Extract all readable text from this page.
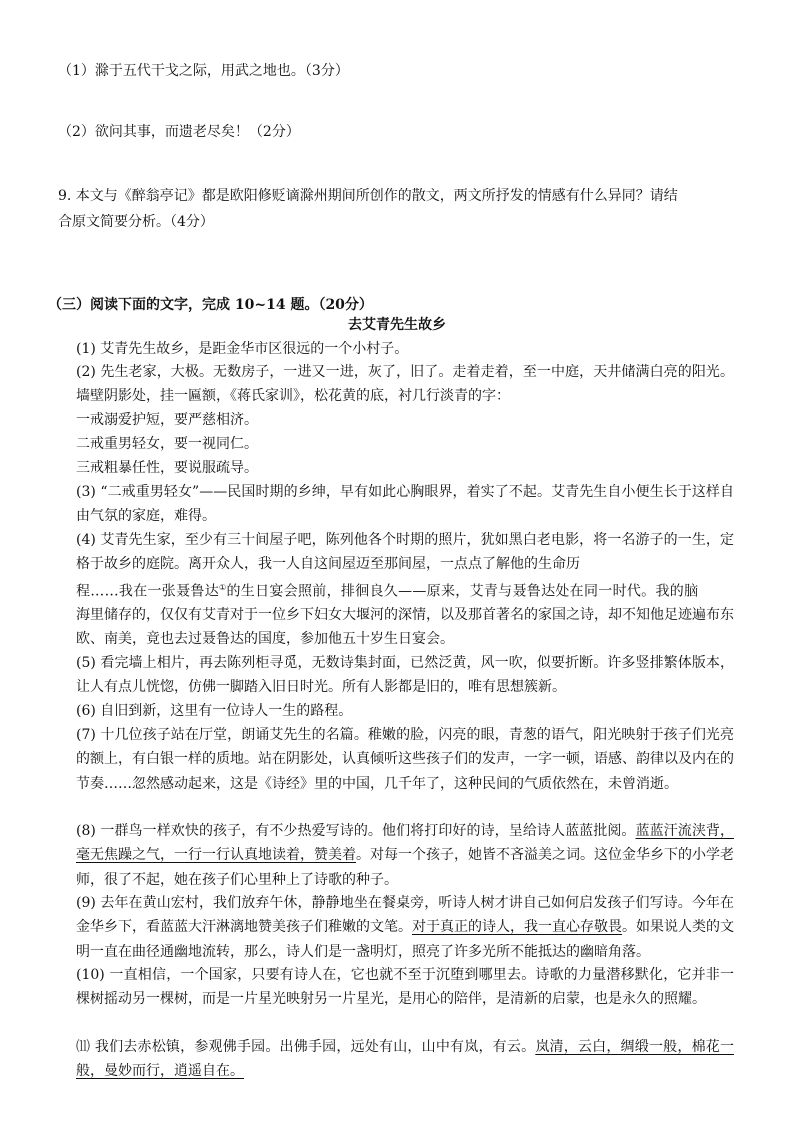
（1）滁于五代干戈之际，用武之地也。（3分）
（2）欲问其事，而遗老尽矣！（2分）
9. 本文与《醉翁亭记》都是欧阳修贬谪滁州期间所创作的散文，两文所抒发的情感有什么异同？请结
合原文简要分析。（4分）
（三）阅读下面的文字，完成 10~14 题。（20分）
去艾青先生故乡
(1) 艾青先生故乡，是距金华市区很远的一个小村子。
(2) 先生老家，大极。无数房子，一进又一进，灰了，旧了。走着走着，至一中庭，天井储满白亮的阳光。墙壁阴影处，挂一匾额，《蒋氏家训》，松花黄的底，衬几行淡青的字：
一戒溺爱护短，要严慈相济。
二戒重男轻女，要一视同仁。
三戒粗暴任性，要说服疏导。
(3) “二戒重男轻女”——民国时期的乡绅，早有如此心胸眼界，着实了不起。艾青先生自小便生长于这样自由气氛的家庭，难得。
(4) 艾青先生家，至少有三十间屋子吧，陈列他各个时期的照片，犹如黑白老电影，将一名游子的一生，定格于故乡的庭院。离开众人，我一人自这间屋迈至那间屋，一点点了解他的生命历
程……我在一张聂鲁达①的生日宴会照前，排徊良久——原来，艾青与聂鲁达处在同一时代。我的脑
海里储存的，仅仅有艾青对于一位乡下妇女大堰河的深情，以及那首著名的家国之诗，却不知他足迹遍布东欧、南美，竟也去过聂鲁达的国度，参加他五十岁生日宴会。
(5) 看完墙上相片，再去陈列柜寻觅，无数诗集封面，已然泛黄，风一吹，似要折断。许多竖排繁体版本，让人有点儿恍惚，仿佛一脚踏入旧日时光。所有人影都是旧的，唯有思想簇新。
(6) 自旧到新，这里有一位诗人一生的路程。
(7) 十几位孩子站在厅堂，朗诵艾先生的名篇。稚嫩的脸，闪亮的眼，青葱的语气，阳光映射于孩子们光亮的额上，有白银一样的质地。站在阴影处，认真倾听这些孩子们的发声，一字一顿，语感、韵律以及内在的节奏……忽然感动起来，这是《诗经》里的中国，几千年了，这种民间的气质依然在，未曾消逝。
(8) 一群鸟一样欢快的孩子，有不少热爱写诗的。他们将打印好的诗，呈给诗人蓝蓝批阅。蓝蓝汗流浃背，毫无焦躁之气，一行一行认真地读着，赞美着。对每一个孩子，她皆不吝溢美之词。这位金华乡下的小学老师，很了不起，她在孩子们心里种上了诗歌的种子。
(9) 去年在黄山宏村，我们放弃午休，静静地坐在餐桌旁，听诗人树才讲自己如何启发孩子们写诗。今年在金华乡下，看蓝蓝大汗淋漓地赞美孩子们稚嫩的文笔。对于真正的诗人，我一直心存敬畏。如果说人类的文明一直在曲径通幽地流转，那么，诗人们是一盏明灯，照亮了许多光所不能抵达的幽暗角落。
(10) 一直相信，一个国家，只要有诗人在，它也就不至于沉堕到哪里去。诗歌的力量潜移默化，它并非一棵树摇动另一棵树，而是一片星光映射另一片星光，是用心的陪伴，是清新的启蒙，也是永久的照耀。
⑾ 我们去赤松镇，参观佛手园。出佛手园，远处有山，山中有岚，有云。岚清，云白，绸缎一般，棉花一般，曼妙而行，逍遥自在。
